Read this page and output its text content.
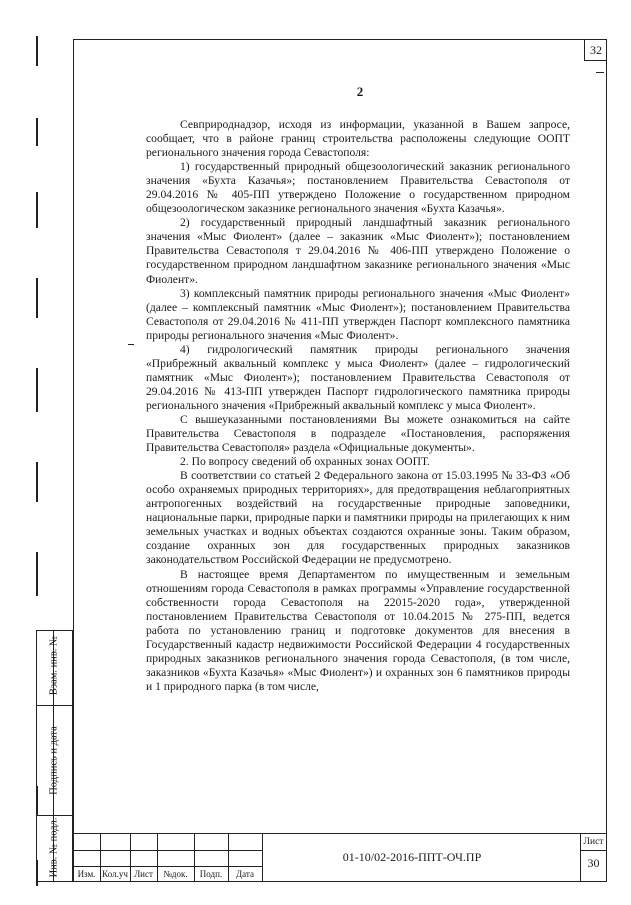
32
2

Севприроднадзор, исходя из информации, указанной в Вашем запросе, сообщает, что в районе границ строительства расположены следующие ООПТ регионального значения города Севастополя:

1) государственный природный общезоологический заказник регионального значения «Бухта Казачья»; постановлением Правительства Севастополя от 29.04.2016 № 405-ПП утверждено Положение о государственном природном общезоологическом заказнике регионального значения «Бухта Казачья».

2) государственный природный ландшафтный заказник регионального значения «Мыс Фиолент» (далее – заказник «Мыс Фиолент»); постановлением Правительства Севастополя т 29.04.2016 № 406-ПП утверждено Положение о государственном природном ландшафтном заказнике регионального значения «Мыс Фиолент».

3) комплексный памятник природы регионального значения «Мыс Фиолент» (далее – комплексный памятник «Мыс Фиолент»); постановлением Правительства Севастополя от 29.04.2016 № 411-ПП утвержден Паспорт комплексного памятника природы регионального значения «Мыс Фиолент».

4) гидрологический памятник природы регионального значения «Прибрежный аквальный комплекс у мыса Фиолент» (далее – гидрологический памятник «Мыс Фиолент»); постановлением Правительства Севастополя от 29.04.2016 № 413-ПП утвержден Паспорт гидрологического памятника природы регионального значения «Прибрежный аквальный комплекс у мыса Фиолент».

С вышеуказанными постановлениями Вы можете ознакомиться на сайте Правительства Севастополя в подразделе «Постановления, распоряжения Правительства Севастополя» раздела «Официальные документы».

2. По вопросу сведений об охранных зонах ООПТ.

В соответствии со статьей 2 Федерального закона от 15.03.1995 № 33-ФЗ «Об особо охраняемых природных территориях», для предотвращения неблагоприятных антропогенных воздействий на государственные природные заповедники, национальные парки, природные парки и памятники природы на прилегающих к ним земельных участках и водных объектах создаются охранные зоны. Таким образом, создание охранных зон для государственных природных заказников законодательством Российской Федерации не предусмотрено.

В настоящее время Департаментом по имущественным и земельным отношениям города Севастополя в рамках программы «Управление государственной собственности города Севастополя на 22015-2020 года», утвержденной постановлением Правительства Севастополя от 10.04.2015 № 275-ПП, ведется работа по установлению границ и подготовке документов для внесения в Государственный кадастр недвижимости Российской Федерации 4 государственных природных заказников регионального значения города Севастополя, (в том числе, заказников «Бухта Казачья» «Мыс Фиолент») и охранных зон 6 памятников природы и 1 природного парка (в том числе,

Взам. инв. №
Подпись и дата
Инв. № подл.	Изм. Кол.уч Лист	№док.	Подп.	Дата
01-10/02-2016-ППТ-ОЧ.ПР
Лист
30
